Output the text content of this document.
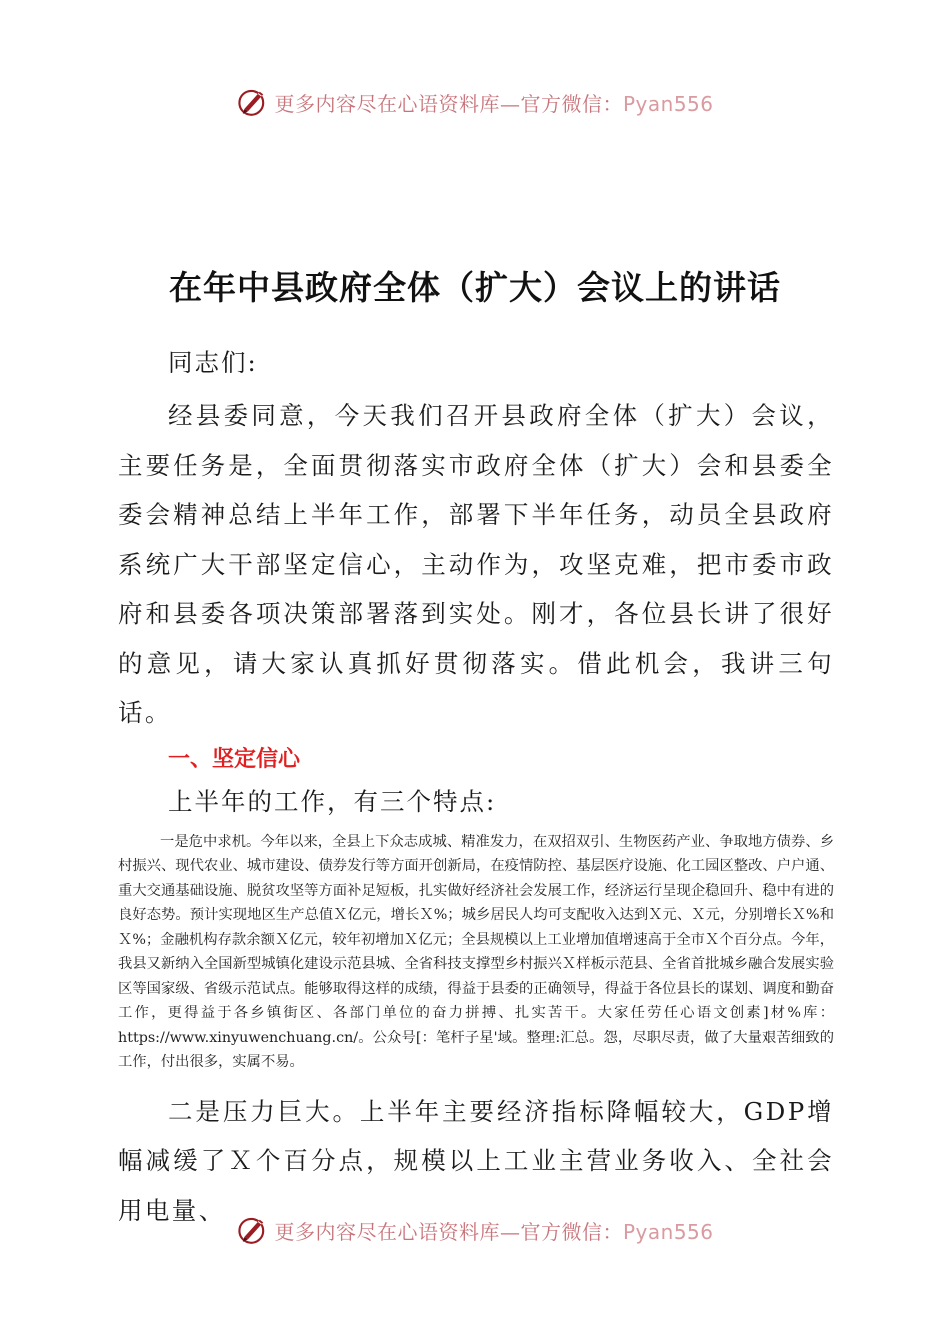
更多内容尽在心语资料库—官方微信：Pyan556
在年中县政府全体（扩大）会议上的讲话

同志们:

经县委同意，今天我们召开县政府全体（扩大）会议，主要任务是，全面贯彻落实市政府全体（扩大）会和县委全委会精神总结上半年工作，部署下半年任务，动员全县政府系统广大干部坚定信心，主动作为，攻坚克难，把市委市政府和县委各项决策部署落到实处。刚才，各位县长讲了很好的意见，请大家认真抓好贯彻落实。借此机会，我讲三句话。

一、坚定信心

上半年的工作，有三个特点:

一是危中求机。今年以来，全县上下众志成城、精准发力，在双招双引、生物医药产业、争取地方债券、乡村振兴、现代农业、城市建设、债券发行等方面开创新局，在疫情防控、基层医疗设施、化工园区整改、户户通、重大交通基础设施、脱贫攻坚等方面补足短板，扎实做好经济社会发展工作，经济运行呈现企稳回升、稳中有进的良好态势。预计实现地区生产总值Ｘ亿元，增长Ｘ%；城乡居民人均可支配收入达到Ｘ元、Ｘ元，分别增长Ｘ%和Ｘ%；金融机构存款余额Ｘ亿元，较年初增加Ｘ亿元；全县规模以上工业增加值增速高于全市Ｘ个百分点。今年，我县又新纳入全国新型城镇化建设示范县城、全省科技支撑型乡村振兴Ｘ样板示范县、全省首批城乡融合发展实验区等国家级、省级示范试点。能够取得这样的成绩，得益于县委的正确领导，得益于各位县长的谋划、调度和勤奋工作，更得益于各乡镇街区、各部门单位的奋力拼搏、扎实苦干。大家任劳任心语文创素]材%库：https://www.xinyuwenchuang.cn/。公众号[：笔杆子星'域。整理:汇总。怨，尽职尽责，做了大量艰苦细致的工作，付出很多，实属不易。

二是压力巨大。上半年主要经济指标降幅较大，GDP增幅减缓了Ｘ个百分点，规模以上工业主营业务收入、全社会用电量、

更多内容尽在心语资料库—官方微信：Pyan556
